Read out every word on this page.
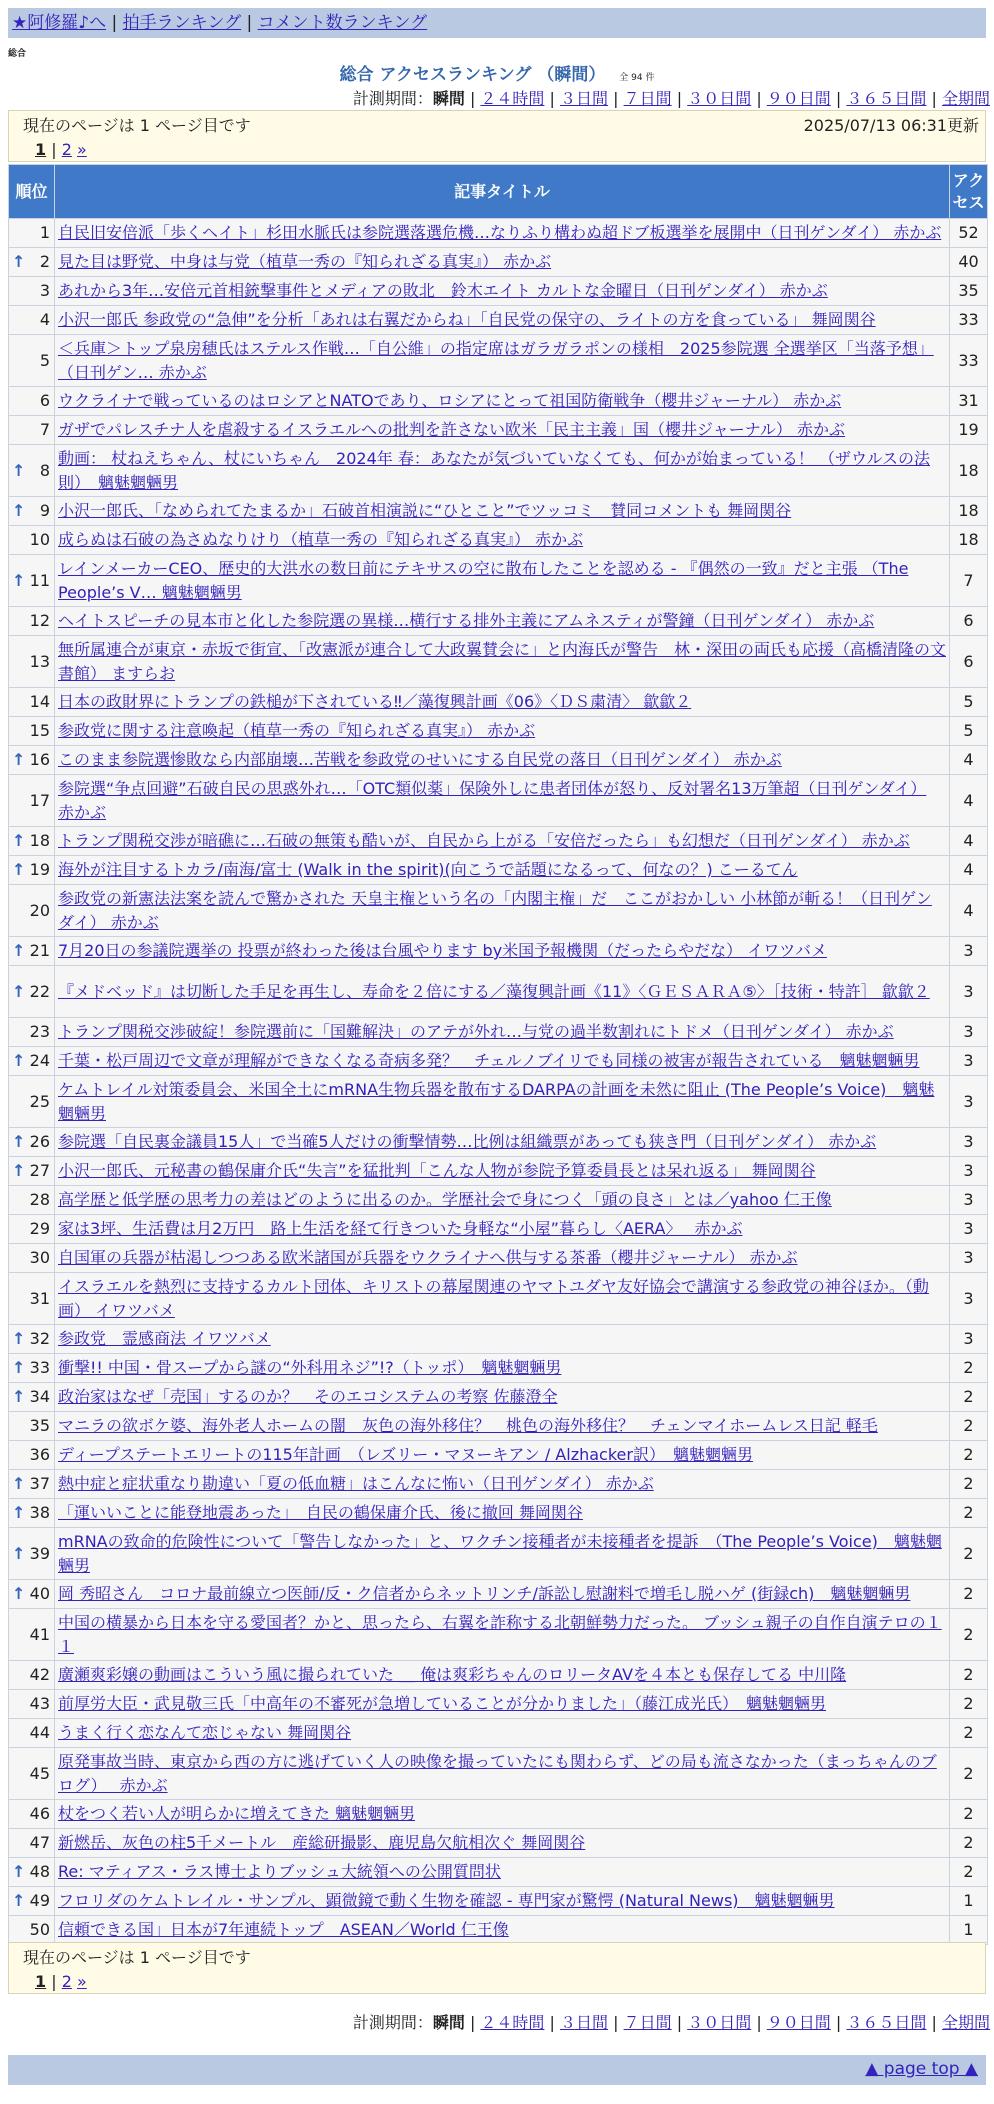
★阿修羅♪へ | 拍手ランキング | コメント数ランキング
総合
総合 アクセスランキング （瞬間） 全 94 件
計測期間：瞬間 | ２４時間 | ３日間 | ７日間 | ３０日間 | ９０日間 | ３６５日間 | 全期間
現在のページは 1 ページ目です	2025/07/13 06:31更新
1 | 2 »
順位	記事タイトル	アクセス
1	自民旧安倍派「歩くヘイト」杉田水脈氏は参院選落選危機…なりふり構わぬ超ドブ板選挙を展開中（日刊ゲンダイ） 赤かぶ	52

↑ 2	見た目は野党、中身は与党（植草一秀の『知られざる真実』） 赤かぶ	40
3	あれから3年…安倍元首相銃撃事件とメディアの敗北　鈴木エイト カルトな金曜日（日刊ゲンダイ） 赤かぶ	35
4	小沢一郎氏 参政党の“急伸”を分析「あれは右翼だからね」「自民党の保守の、ライトの方を食っている」 舞岡関谷	33
5	＜兵庫＞トップ泉房穂氏はステルス作戦…「自公維」の指定席はガラガラポンの様相　2025参院選 全選挙区「当落予想」（日刊ゲン… 赤かぶ	33
6	ウクライナで戦っているのはロシアとNATOであり、ロシアにとって祖国防衛戦争（櫻井ジャーナル） 赤かぶ	31
7	ガザでパレスチナ人を虐殺するイスラエルへの批判を許さない欧米「民主主義」国（櫻井ジャーナル） 赤かぶ	19

↑ 8	動画： 杖ねえちゃん、杖にいちゃん　2024年 春：あなたが気づいていなくても、何かが始まっている！ （ザウルスの法則）　魑魅魍魎男	18

↑ 9	小沢一郎氏、「なめられてたまるか」石破首相演説に“ひとこと”でツッコミ　賛同コメントも 舞岡関谷	18
10	成らぬは石破の為さぬなりけり（植草一秀の『知られざる真実』） 赤かぶ	18

↑ 11	レインメーカーCEO、歴史的大洪水の数日前にテキサスの空に散布したことを認める - 『偶然の一致』だと主張 （The People’s V… 魑魅魍魎男	7
12	ヘイトスピーチの見本市と化した参院選の異様…横行する排外主義にアムネスティが警鐘（日刊ゲンダイ） 赤かぶ	6
13	無所属連合が東京・赤坂で街宣、「改憲派が連合して大政翼賛会に」と内海氏が警告　林・深田の両氏も応援（高橋清隆の文書館） ますらお	6
14	日本の政財界にトランプの鉄槌が下されている‼／藻復興計画《06》〈ＤＳ粛清〉 歙歙２	5
15	参政党に関する注意喚起（植草一秀の『知られざる真実』） 赤かぶ	5

↑ 16	このまま参院選惨敗なら内部崩壊…苦戦を参政党のせいにする自民党の落日（日刊ゲンダイ） 赤かぶ	4
17	参院選“争点回避”石破自民の思惑外れ…「OTC類似薬」保険外しに患者団体が怒り、反対署名13万筆超（日刊ゲンダイ） 赤かぶ	4

↑ 18	トランプ関税交渉が暗礁に…石破の無策も酷いが、自民から上がる「安倍だったら」も幻想だ（日刊ゲンダイ） 赤かぶ	4

↑ 19	海外が注目するトカラ/南海/富士 (Walk in the spirit)(向こうで話題になるって、何なの？) こーるてん	4
20	参政党の新憲法法案を読んで驚かされた 天皇主権という名の「内閣主権」だ　ここがおかしい 小林節が斬る！（日刊ゲンダイ） 赤かぶ	4

↑ 21	7月20日の参議院選挙の 投票が終わった後は台風やります by米国予報機関（だったらやだな） イワツバメ	3

↑ 22	『メドベッド』は切断した手足を再生し、寿命を２倍にする／藻復興計画《11》〈ＧＥＳＡＲＡ⑤〉［技術・特許］ 歙歙２	3
23	トランプ関税交渉破綻！参院選前に「国難解決」のアテが外れ…与党の過半数割れにトドメ（日刊ゲンダイ） 赤かぶ	3

↑ 24	千葉・松戸周辺で文章が理解ができなくなる奇病多発？　チェルノブイリでも同様の被害が報告されている　魑魅魍魎男	3
25	ケムトレイル対策委員会、米国全土にmRNA生物兵器を散布するDARPAの計画を未然に阻止 (The People’s Voice)　魑魅魍魎男	3

↑ 26	参院選「自民裏金議員15人」で当確5人だけの衝撃情勢…比例は組織票があっても狭き門（日刊ゲンダイ） 赤かぶ	3

↑ 27	小沢一郎氏、元秘書の鶴保庸介氏“失言”を猛批判「こんな人物が参院予算委員長とは呆れ返る」 舞岡関谷	3
28	高学歴と低学歴の思考力の差はどのように出るのか。学歴社会で身につく「頭の良さ」とは／yahoo 仁王像	3
29	家は3坪、生活費は月2万円　路上生活を経て行きついた身軽な“小屋”暮らし〈AERA〉　 赤かぶ	3
30	自国軍の兵器が枯渇しつつある欧米諸国が兵器をウクライナへ供与する茶番（櫻井ジャーナル） 赤かぶ	3
31	イスラエルを熱烈に支持するカルト団体、キリストの幕屋関連のヤマトユダヤ友好協会で講演する参政党の神谷ほか。（動画） イワツバメ	3

↑ 32	参政党　霊感商法 イワツバメ	3

↑ 33	衝撃!! 中国・骨スープから謎の“外科用ネジ”!?（トッポ）　魑魅魍魎男	2

↑ 34	政治家はなぜ「売国」するのか？　そのエコシステムの考察 佐藤澄全	2
35	マニラの欲ボケ婆、海外老人ホームの闇　灰色の海外移住？　桃色の海外移住？　チェンマイホームレス日記 軽毛	2
36	ディープステートエリートの115年計画　（レズリー・マヌーキアン / Alzhacker訳）　魑魅魍魎男	2

↑ 37	熱中症と症状重なり勘違い「夏の低血糖」はこんなに怖い（日刊ゲンダイ） 赤かぶ	2

↑ 38	「運いいことに能登地震あった」　自民の鶴保庸介氏、後に撤回 舞岡関谷	2

↑ 39	mRNAの致命的危険性について「警告しなかった」と、ワクチン接種者が未接種者を提訴　（The People’s Voice)　魑魅魍魎男	2

↑ 40	岡 秀昭さん　コロナ最前線立つ医師/反・ク信者からネットリンチ/訴訟し慰謝料で増毛し脱ハゲ (街録ch)　魑魅魍魎男	2
41	中国の横暴から日本を守る愛国者？かと、思ったら、右翼を詐称する北朝鮮勢力だった。 ブッシュ親子の自作自演テロの１１	2
42	廣瀬爽彩嬢の動画はこういう風に撮られていた ＿ 俺は爽彩ちゃんのロリータAVを４本とも保存してる 中川隆	2
43	前厚労大臣・武見敬三氏「中高年の不審死が急増していることが分かりました」（藤江成光氏）　魑魅魍魎男	2
44	うまく行く恋なんて恋じゃない 舞岡関谷	2
45	原発事故当時、東京から西の方に逃げていく人の映像を撮っていたにも関わらず、どの局も流さなかった（まっちゃんのブログ）　 赤かぶ	2
46	杖をつく若い人が明らかに増えてきた 魑魅魍魎男	2
47	新燃岳、灰色の柱5千メートル　産総研撮影、鹿児島欠航相次ぐ 舞岡関谷	2

↑ 48	Re: マティアス・ラス博士よりブッシュ大統領への公開質問状	2

↑ 49	フロリダのケムトレイル・サンプル、顕微鏡で動く生物を確認 - 専門家が驚愕 (Natural News)　魑魅魍魎男	1
50	信頼できる国」日本が7年連続トップ　ASEAN／World 仁王像	1
現在のページは 1 ページ目です
1 | 2 »
計測期間：瞬間 | ２４時間 | ３日間 | ７日間 | ３０日間 | ９０日間 | ３６５日間 | 全期間
▲ page top ▲
